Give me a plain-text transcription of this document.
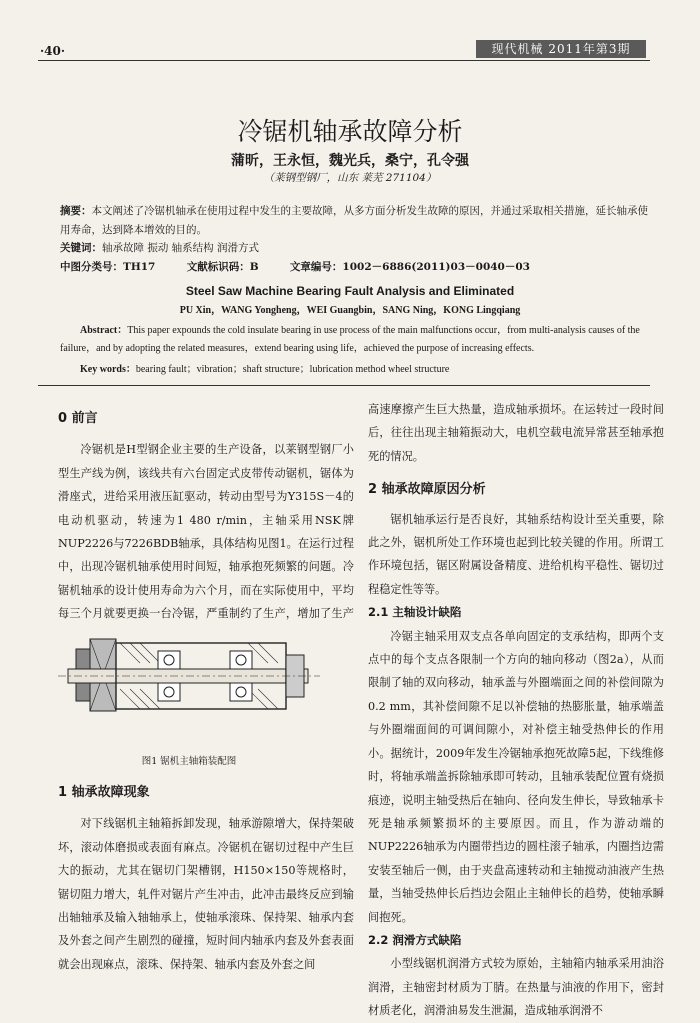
·40·	现代机械 2011年第3期
冷锯机轴承故障分析
蒲昕，王永恒，魏光兵，桑宁，孔令强
（莱钢型钢厂，山东 莱芜 271104）
摘要：本文阐述了冷锯机轴承在使用过程中发生的主要故障，从多方面分析发生故障的原因，并通过采取相关措施，延长轴承使用寿命，达到降本增效的目的。
关键词：轴承故障 振动 轴系结构 润滑方式
中图分类号：TH17	文献标识码：B	文章编号：1002－6886(2011)03－0040－03
Steel Saw Machine Bearing Fault Analysis and Eliminated
PU Xin，WANG Yongheng，WEI Guangbin，SANG Ning，KONG Lingqiang
Abstract：This paper expounds the cold insulate bearing in use process of the main malfunctions occur，from multi-analysis causes of the failure，and by adopting the related measures，extend bearing using life，achieved the purpose of increasing effects.
Key words：bearing fault；vibration；shaft structure；lubrication method wheel structure
0 前言

冷锯机是H型钢企业主要的生产设备，以莱钢型钢厂小型生产线为例，该线共有六台固定式皮带传动锯机，锯体为滑座式，进给采用液压缸驱动，转动由型号为Y315S－4的电动机驱动，转速为1 480 r/min，主轴采用NSK牌NUP2226与7226BDB轴承，具体结构见图1。在运行过程中，出现冷锯机轴承使用时间短，轴承抱死频繁的问题。冷锯机轴承的设计使用寿命为六个月，而在实际使用中，平均每三个月就要更换一台冷锯，严重制约了生产，增加了生产

图1 锯机主轴箱装配图
1 轴承故障现象

对下线锯机主轴箱拆卸发现，轴承游隙增大，保持架破坏，滚动体磨损或表面有麻点。冷锯机在锯切过程中产生巨大的振动，尤其在锯切门架槽钢，H150×150等规格时，锯切阻力增大，轧件对锯片产生冲击，此冲击最终反应到输出轴轴承及输入轴轴承上，使轴承滚珠、保持架、轴承内套及外套之间产生剧烈的碰撞，短时间内轴承内套及外套表面就会出现麻点，滚珠、保持架、轴承内套及外套之间

高速摩擦产生巨大热量，造成轴承损坏。在运转过一段时间后，往往出现主轴箱振动大，电机空载电流异常甚至轴承抱死的情况。

2 轴承故障原因分析

锯机轴承运行是否良好，其轴系结构设计至关重要，除此之外，锯机所处工作环境也起到比较关键的作用。所谓工作环境包括，锯区附属设备精度、进给机构平稳性、锯切过程稳定性等等。

2.1 主轴设计缺陷

冷锯主轴采用双支点各单向固定的支承结构，即两个支点中的每个支点各限制一个方向的轴向移动（图2a），从而限制了轴的双向移动，轴承盖与外圈端面之间的补偿间隙为0.2 mm，其补偿间隙不足以补偿轴的热膨胀量，轴承端盖与外圈端面间的可调间隙小，对补偿主轴受热伸长的作用小。据统计，2009年发生冷锯轴承抱死故障5起，下线维修时，将轴承端盖拆除轴承即可转动，且轴承装配位置有烧损痕迹，说明主轴受热后在轴向、径向发生伸长，导致轴承卡死是轴承频繁损坏的主要原因。而且，作为游动端的NUP2226轴承为内圈带挡边的圆柱滚子轴承，内圈挡边需安装至轴后一侧，由于夹盘高速转动和主轴搅动油液产生热量，当轴受热伸长后挡边会阻止主轴伸长的趋势，使轴承瞬间抱死。

2.2 润滑方式缺陷

小型线锯机润滑方式较为原始，主轴箱内轴承采用油浴润滑，主轴密封材质为丁腈。在热量与油液的作用下，密封材质老化，润滑油易发生泄漏，造成轴承润滑不
